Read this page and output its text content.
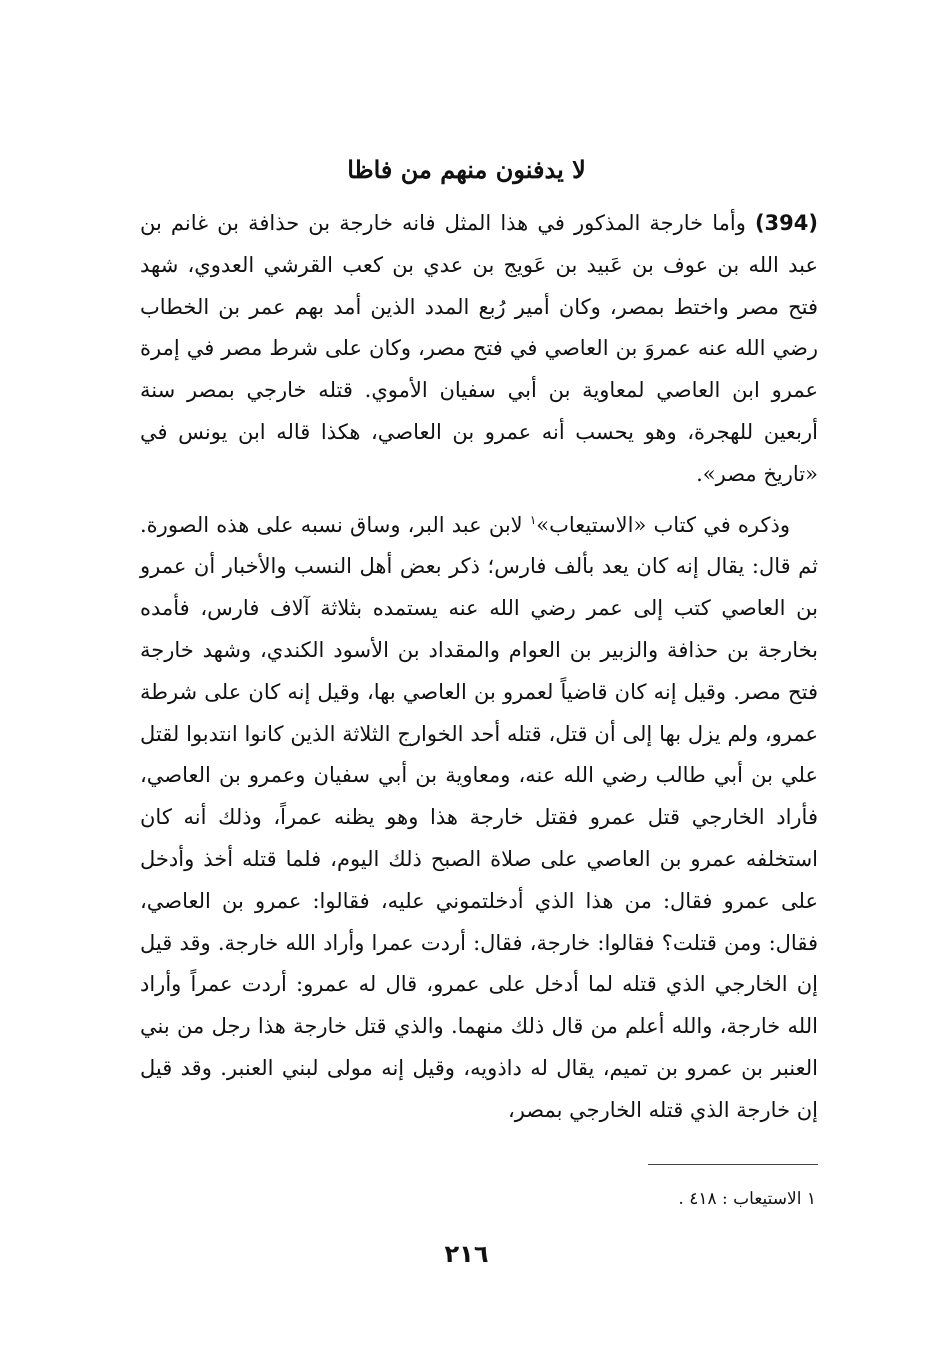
لا يدفنون منهم من فاظا

(394) وأما خارجة المذكور في هذا المثل فانه خارجة بن حذافة بن غانم بن عبد الله بن عوف بن عَبيد بن عَويج بن عدي بن كعب القرشي العدوي، شهد فتح مصر واختط بمصر، وكان أمير رُبع المدد الذين أمد بهم عمر بن الخطاب رضي الله عنه عمروَ بن العاصي في فتح مصر، وكان على شرط مصر في إمرة عمرو ابن العاصي لمعاوية بن أبي سفيان الأموي. قتله خارجي بمصر سنة أربعين للهجرة، وهو يحسب أنه عمرو بن العاصي، هكذا قاله ابن يونس في «تاريخ مصر».

وذكره في كتاب «الاستيعاب»$^١$ لابن عبد البر، وساق نسبه على هذه الصورة. ثم قال: يقال إنه كان يعد بألف فارس؛ ذكر بعض أهل النسب والأخبار أن عمرو بن العاصي كتب إلى عمر رضي الله عنه يستمده بثلاثة آلاف فارس، فأمده بخارجة بن حذافة والزبير بن العوام والمقداد بن الأسود الكندي، وشهد خارجة فتح مصر. وقيل إنه كان قاضياً لعمرو بن العاصي بها، وقيل إنه كان على شرطة عمرو، ولم يزل بها إلى أن قتل، قتله أحد الخوارج الثلاثة الذين كانوا انتدبوا لقتل علي بن أبي طالب رضي الله عنه، ومعاوية بن أبي سفيان وعمرو بن العاصي، فأراد الخارجي قتل عمرو فقتل خارجة هذا وهو يظنه عمراً، وذلك أنه كان استخلفه عمرو بن العاصي على صلاة الصبح ذلك اليوم، فلما قتله أخذ وأدخل على عمرو فقال: من هذا الذي أدخلتموني عليه، فقالوا: عمرو بن العاصي، فقال: ومن قتلت؟ فقالوا: خارجة، فقال: أردت عمرا وأراد الله خارجة. وقد قيل إن الخارجي الذي قتله لما أدخل على عمرو، قال له عمرو: أردت عمراً وأراد الله خارجة، والله أعلم من قال ذلك منهما. والذي قتل خارجة هذا رجل من بني العنبر بن عمرو بن تميم، يقال له داذويه، وقيل إنه مولى لبني العنبر. وقد قيل إن خارجة الذي قتله الخارجي بمصر،

١ الاستيعاب : ٤١٨ .
٢١٦
